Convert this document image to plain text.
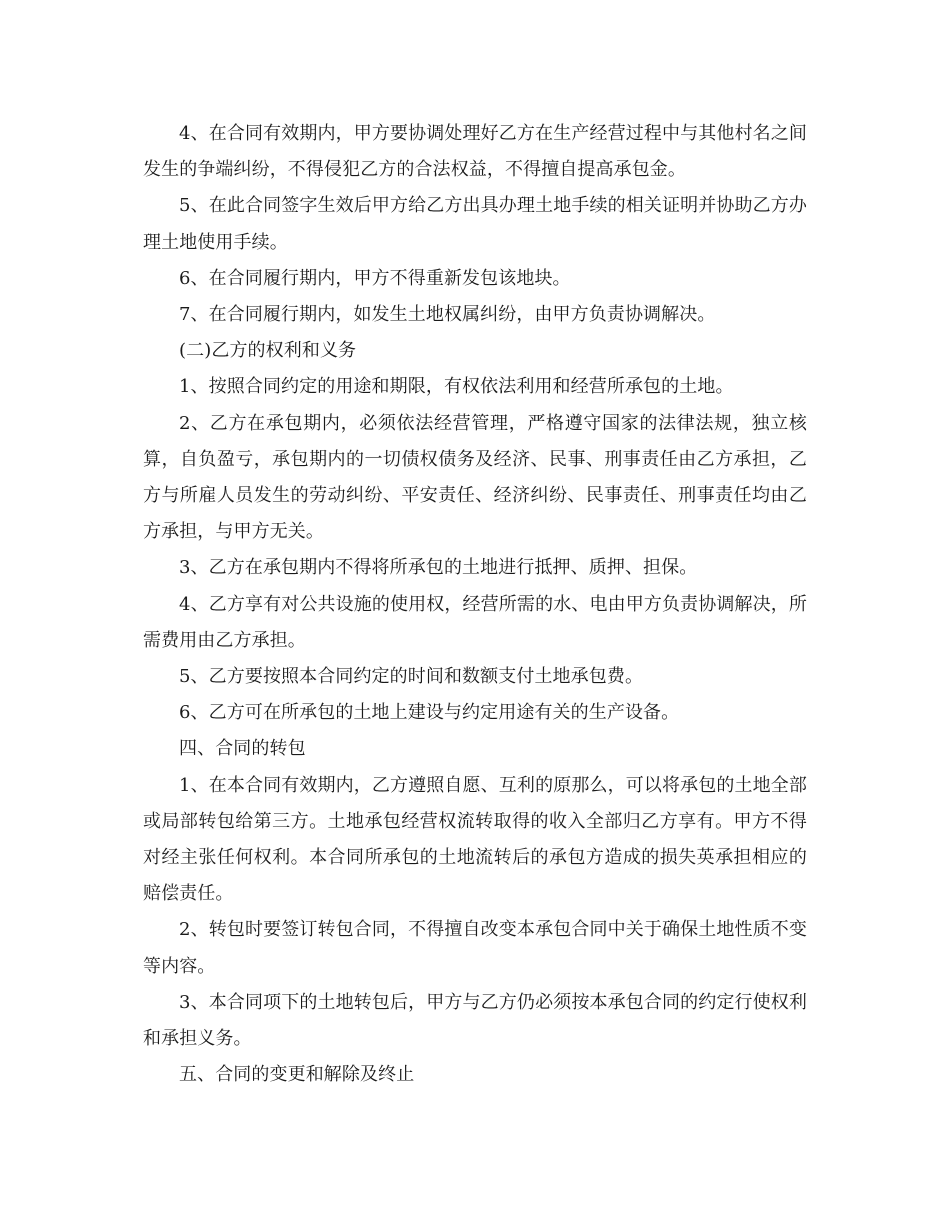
4、在合同有效期内，甲方要协调处理好乙方在生产经营过程中与其他村名之间发生的争端纠纷，不得侵犯乙方的合法权益，不得擅自提高承包金。

5、在此合同签字生效后甲方给乙方出具办理土地手续的相关证明并协助乙方办理土地使用手续。

6、在合同履行期内，甲方不得重新发包该地块。

7、在合同履行期内，如发生土地权属纠纷，由甲方负责协调解决。

(二)乙方的权利和义务

1、按照合同约定的用途和期限，有权依法利用和经营所承包的土地。

2、乙方在承包期内，必须依法经营管理，严格遵守国家的法律法规，独立核算，自负盈亏，承包期内的一切债权债务及经济、民事、刑事责任由乙方承担，乙方与所雇人员发生的劳动纠纷、平安责任、经济纠纷、民事责任、刑事责任均由乙方承担，与甲方无关。

3、乙方在承包期内不得将所承包的土地进行抵押、质押、担保。

4、乙方享有对公共设施的使用权，经营所需的水、电由甲方负责协调解决，所需费用由乙方承担。

5、乙方要按照本合同约定的时间和数额支付土地承包费。

6、乙方可在所承包的土地上建设与约定用途有关的生产设备。

四、合同的转包

1、在本合同有效期内，乙方遵照自愿、互利的原那么，可以将承包的土地全部或局部转包给第三方。土地承包经营权流转取得的收入全部归乙方享有。甲方不得对经主张任何权利。本合同所承包的土地流转后的承包方造成的损失英承担相应的赔偿责任。

2、转包时要签订转包合同，不得擅自改变本承包合同中关于确保土地性质不变等内容。

3、本合同项下的土地转包后，甲方与乙方仍必须按本承包合同的约定行使权利和承担义务。

五、合同的变更和解除及终止
